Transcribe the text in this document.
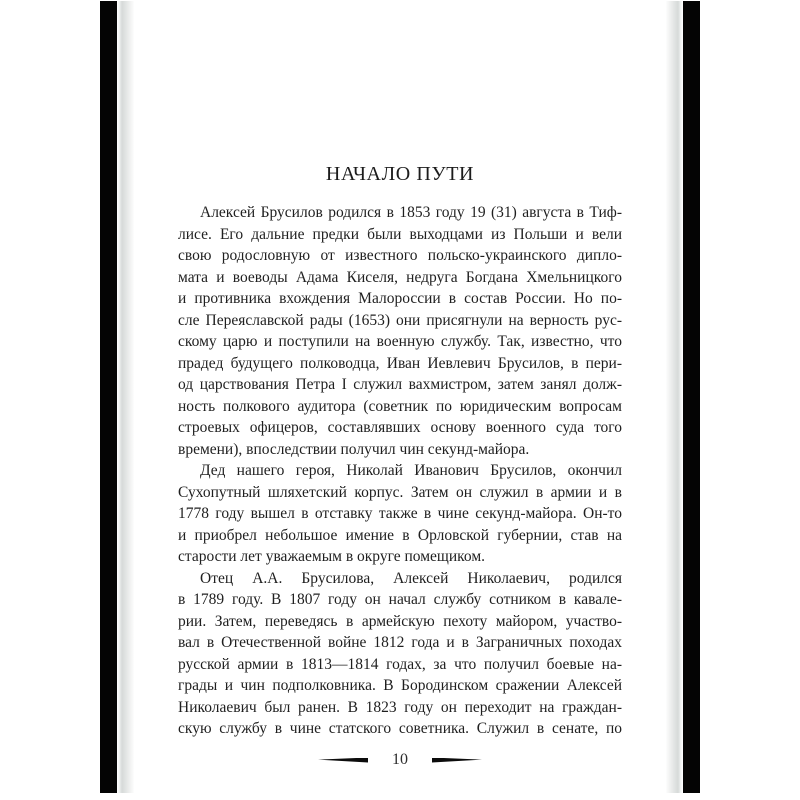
НАЧАЛО ПУТИ
Алексей Брусилов родился в 1853 году 19 (31) августа в Тиф-
лисе. Его дальние предки были выходцами из Польши и вели
свою родословную от известного польско-украинского дипло-
мата и воеводы Адама Киселя, недруга Богдана Хмельницкого
и противника вхождения Малороссии в состав России. Но по-
сле Переяславской рады (1653) они присягнули на верность рус-
скому царю и поступили на военную службу. Так, известно, что
прадед будущего полководца, Иван Иевлевич Брусилов, в пери-
од царствования Петра I служил вахмистром, затем занял долж-
ность полкового аудитора (советник по юридическим вопросам
строевых офицеров, составлявших основу военного суда того
времени), впоследствии получил чин секунд-майора.
Дед нашего героя, Николай Иванович Брусилов, окончил
Сухопутный шляхетский корпус. Затем он служил в армии и в
1778 году вышел в отставку также в чине секунд-майора. Он-то
и приобрел небольшое имение в Орловской губернии, став на
старости лет уважаемым в округе помещиком.
Отец А.А. Брусилова, Алексей Николаевич, родился
в 1789 году. В 1807 году он начал службу сотником в кавале-
рии. Затем, переведясь в армейскую пехоту майором, участво-
вал в Отечественной войне 1812 года и в Заграничных походах
русской армии в 1813—1814 годах, за что получил боевые на-
грады и чин подполковника. В Бородинском сражении Алексей
Николаевич был ранен. В 1823 году он переходит на граждан-
скую службу в чине статского советника. Служил в сенате, по
10
